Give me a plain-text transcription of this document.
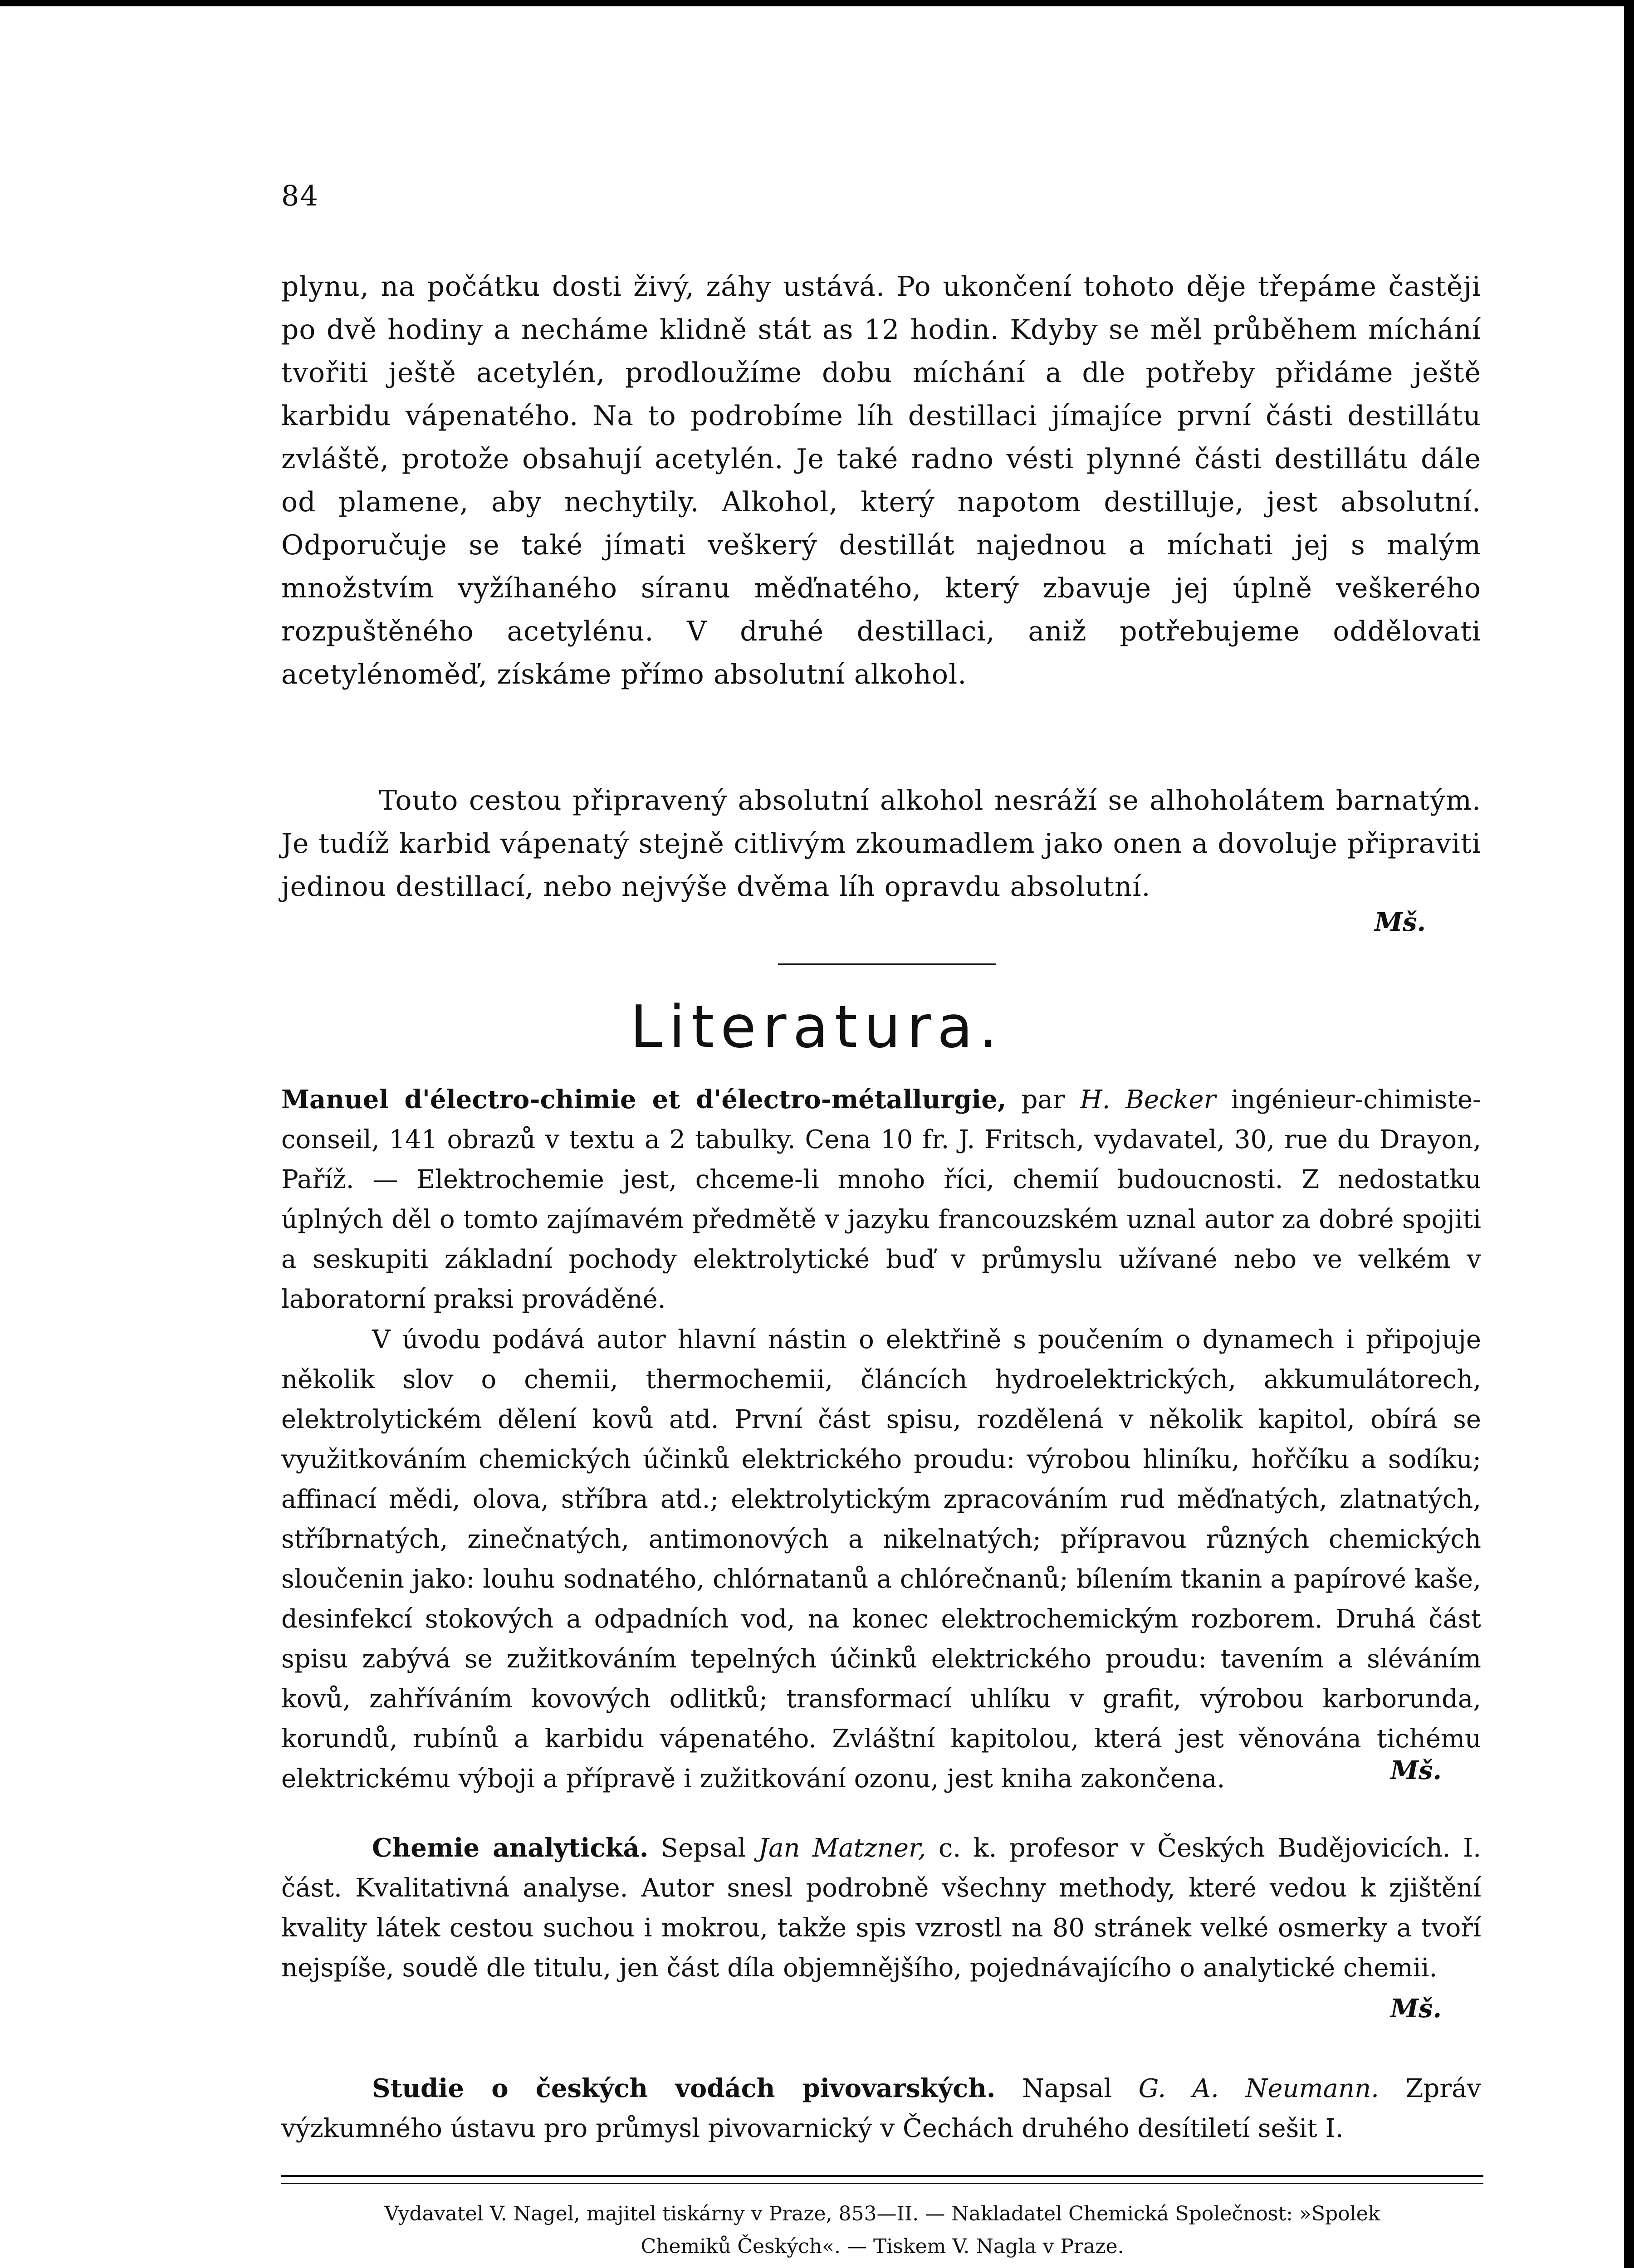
84

plynu, na počátku dosti živý, záhy ustává. Po ukončení tohoto děje třepáme častěji po dvě hodiny a necháme klidně stát as 12 hodin. Kdyby se měl průběhem míchání tvořiti ještě acetylén, prodloužíme dobu míchání a dle potřeby přidáme ještě karbidu vápenatého. Na to podrobíme líh destillaci jímajíce první části destillátu zvláště, protože obsahují acetylén. Je také radno vésti plynné části destillátu dále od plamene, aby nechytily. Alkohol, který napotom destilluje, jest absolutní. Odporučuje se také jímati veškerý destillát najednou a míchati jej s malým množstvím vyžíhaného síranu měďnatého, který zbavuje jej úplně veškerého rozpuštěného acetylénu. V druhé destillaci, aniž potřebujeme oddělovati acetylénoměď, získáme přímo absolutní alkohol.

Touto cestou připravený absolutní alkohol nesráží se alhoholátem barnatým. Je tudíž karbid vápenatý stejně citlivým zkoumadlem jako onen a dovoluje připraviti jedinou destillací, nebo nejvýše dvěma líh opravdu absolutní.

Mš.
Literatura.

Manuel d'électro-chimie et d'électro-métallurgie, par H. Becker ingénieur-chimiste-conseil, 141 obrazů v textu a 2 tabulky. Cena 10 fr. J. Fritsch, vydavatel, 30, rue du Drayon, Paříž. — Elektrochemie jest, chceme-li mnoho říci, chemií budoucnosti. Z nedostatku úplných děl o tomto zajímavém předmětě v jazyku francouzském uznal autor za dobré spojiti a seskupiti základní pochody elektrolytické buď v průmyslu užívané nebo ve velkém v laboratorní praksi prováděné.

V úvodu podává autor hlavní nástin o elektřině s poučením o dynamech i připojuje několik slov o chemii, thermochemii, článcích hydroelektrických, akkumulátorech, elektrolytickém dělení kovů atd. První část spisu, rozdělená v několik kapitol, obírá se využitkováním chemických účinků elektrického proudu: výrobou hliníku, hořčíku a sodíku; affinací mědi, olova, stříbra atd.; elektrolytickým zpracováním rud měďnatých, zlatnatých, stříbrnatých, zinečnatých, antimonových a nikelnatých; přípravou různých chemických sloučenin jako: louhu sodnatého, chlórnatanů a chlórečnanů; bílením tkanin a papírové kaše, desinfekcí stokových a odpadních vod, na konec elektrochemickým rozborem. Druhá část spisu zabývá se zužitkováním tepelných účinků elektrického proudu: tavením a sléváním kovů, zahříváním kovových odlitků; transformací uhlíku v grafit, výrobou karborunda, korundů, rubínů a karbidu vápenatého. Zvláštní kapitolou, která jest věnována tichému elektrickému výboji a přípravě i zužitkování ozonu, jest kniha zakončena.	Mš.

Chemie analytická. Sepsal Jan Matzner, c. k. profesor v Českých Budějovicích. I. část. Kvalitativná analyse. Autor snesl podrobně všechny methody, které vedou k zjištění kvality látek cestou suchou i mokrou, takže spis vzrostl na 80 stránek velké osmerky a tvoří nejspíše, soudě dle titulu, jen část díla objemnějšího, pojednávajícího o analytické chemii.

Mš.

Studie o českých vodách pivovarských. Napsal G. A. Neumann. Zpráv výzkumného ústavu pro průmysl pivovarnický v Čechách druhého desítiletí sešit I.

Vydavatel V. Nagel, majitel tiskárny v Praze, 853—II. — Nakladatel Chemická Společnost: »Spolek
Chemiků Českých«. — Tiskem V. Nagla v Praze.
